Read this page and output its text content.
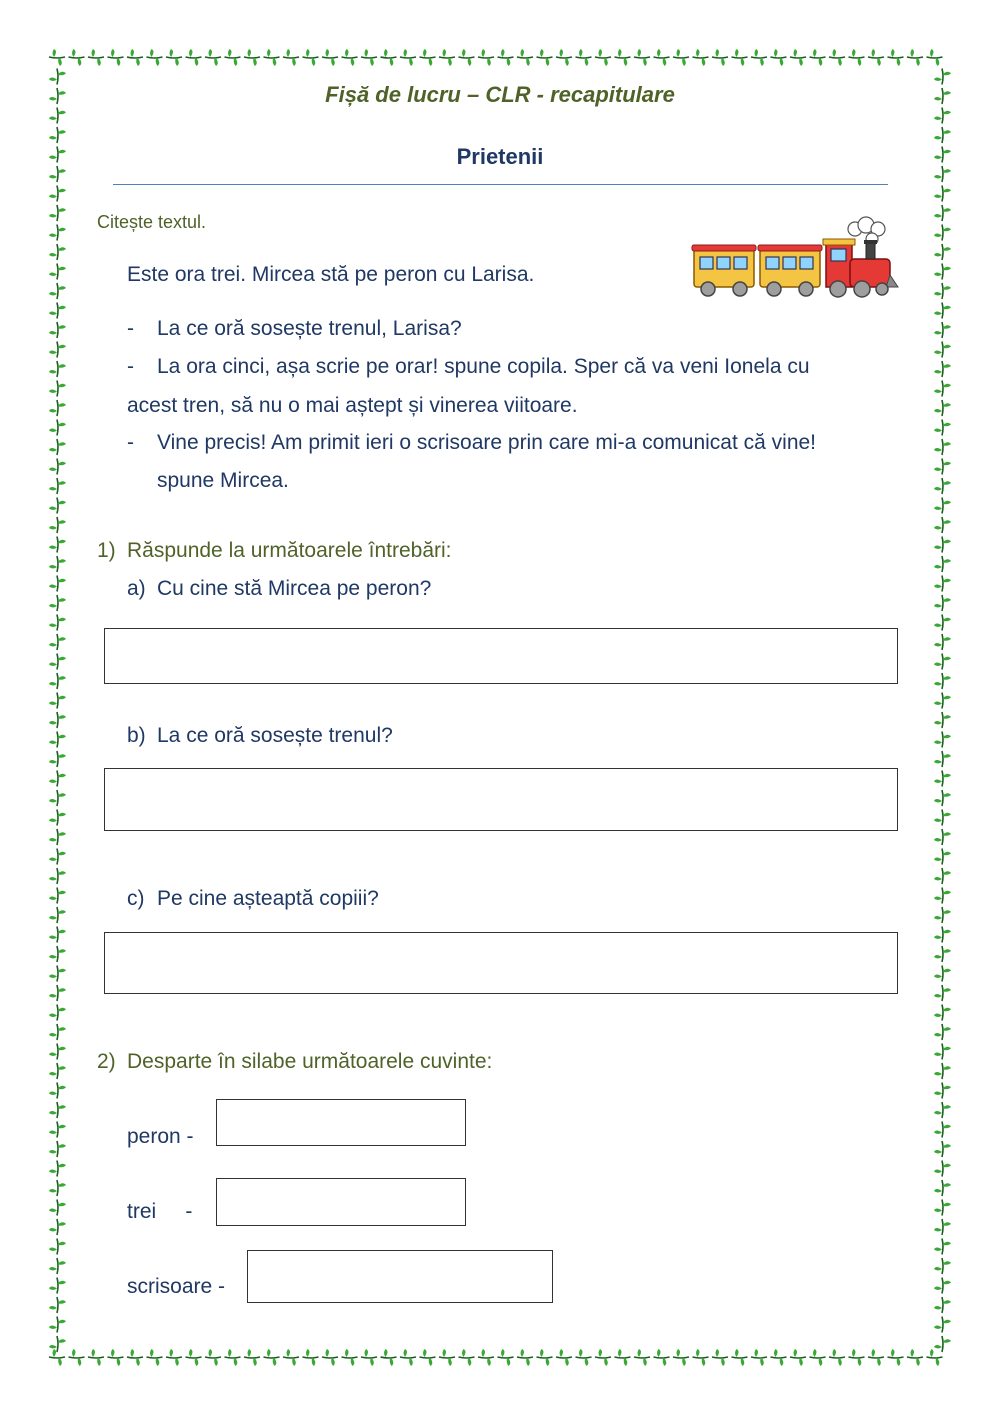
Fișă de lucru – CLR - recapitulare
Prietenii
Citește textul.
Este ora trei. Mircea stă pe peron cu Larisa.
- La ce oră sosește trenul, Larisa?
- La ora cinci, așa scrie pe orar! spune copila. Sper că va veni Ionela cu
acest tren, să nu o mai aștept și vinerea viitoare.
- Vine precis! Am primit ieri o scrisoare prin care mi-a comunicat că vine!
spune Mircea.
1) Răspunde la următoarele întrebări:
a) Cu cine stă Mircea pe peron?
b) La ce oră sosește trenul?
c) Pe cine așteaptă copiii?
2) Desparte în silabe următoarele cuvinte:
peron -
trei     -
scrisoare -
